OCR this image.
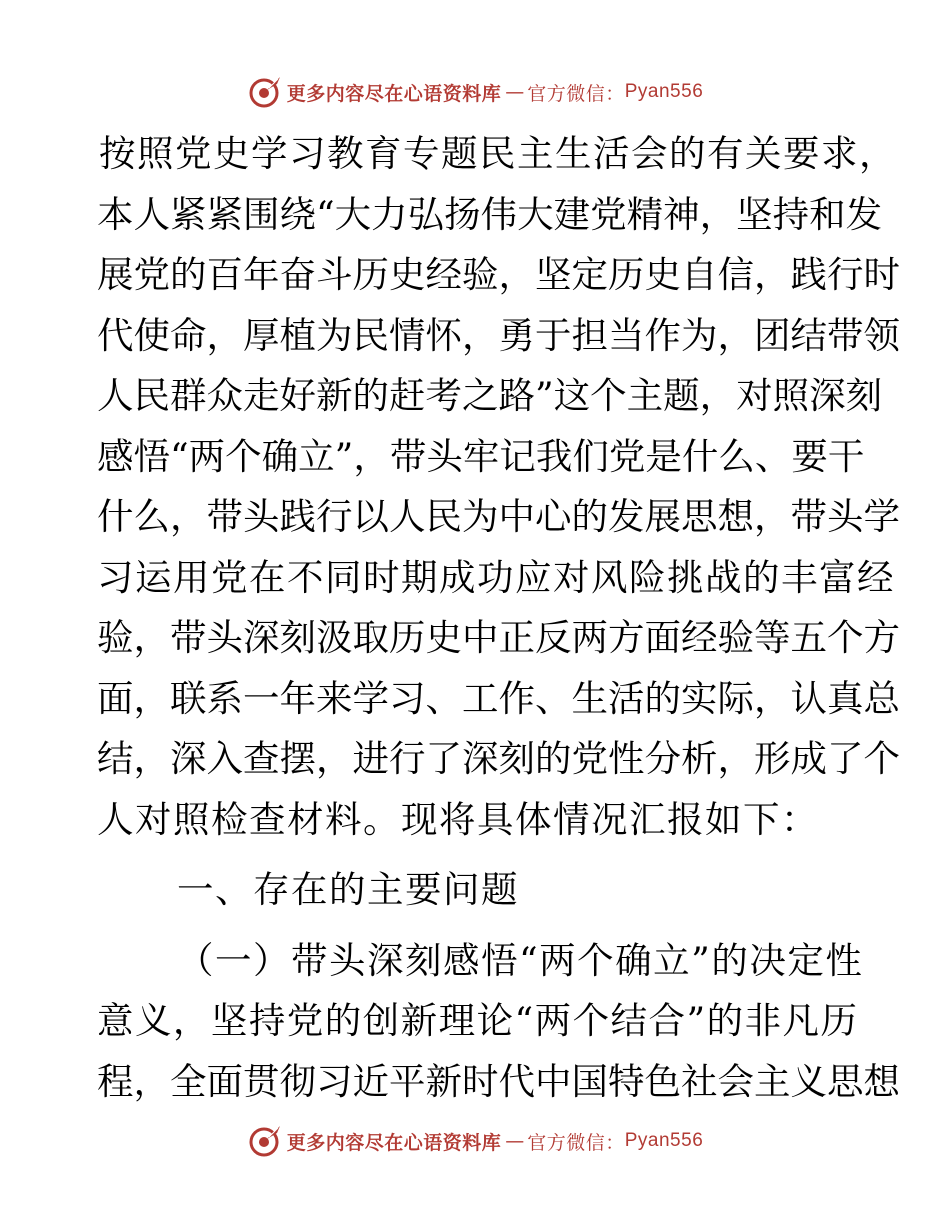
更多内容尽在心语资料库 — 官方微信： Pyan556
按照党史学习教育专题民主生活会的有关要求，
本人紧紧围绕“大力弘扬伟大建党精神，坚持和发
展党的百年奋斗历史经验，坚定历史自信，践行时
代使命，厚植为民情怀，勇于担当作为，团结带领
人民群众走好新的赶考之路”这个主题，对照深刻
感悟“两个确立”，带头牢记我们党是什么、要干
什么，带头践行以人民为中心的发展思想，带头学
习运用党在不同时期成功应对风险挑战的丰富经
验，带头深刻汲取历史中正反两方面经验等五个方
面，联系一年来学习、工作、生活的实际，认真总
结，深入查摆，进行了深刻的党性分析，形成了个
人对照检查材料。现将具体情况汇报如下：
一、存在的主要问题
（一）带头深刻感悟“两个确立”的决定性
意义，坚持党的创新理论“两个结合”的非凡历
程，全面贯彻习近平新时代中国特色社会主义思想
更多内容尽在心语资料库 — 官方微信： Pyan556
